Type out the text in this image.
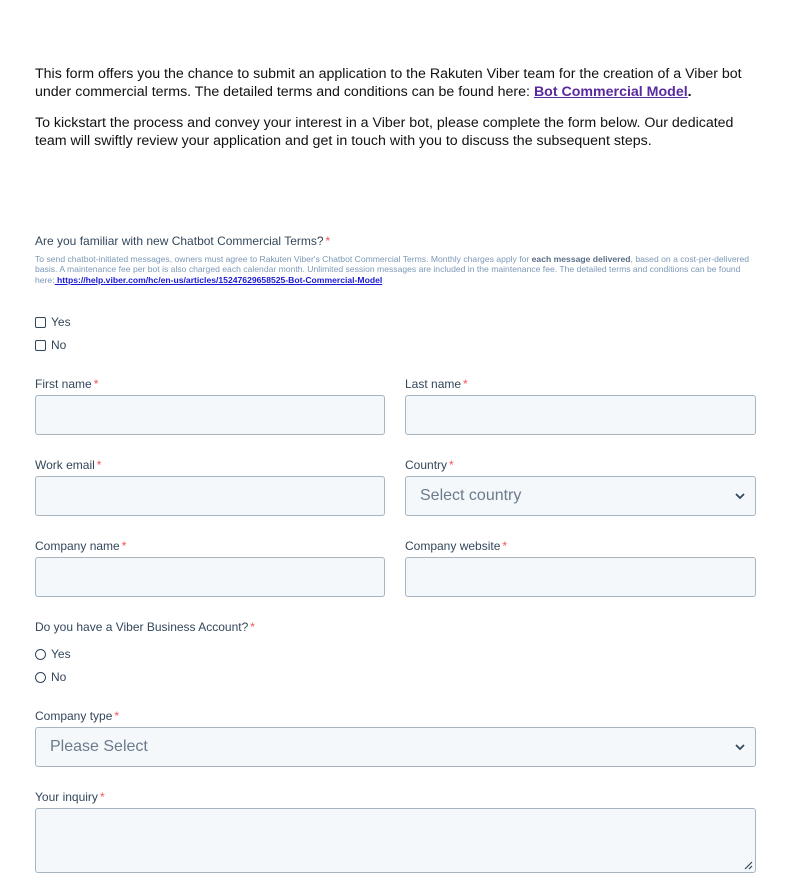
This form offers you the chance to submit an application to the Rakuten Viber team for the creation of a Viber bot under commercial terms. The detailed terms and conditions can be found here: Bot Commercial Model.

To kickstart the process and convey your interest in a Viber bot, please complete the form below. Our dedicated team will swiftly review your application and get in touch with you to discuss the subsequent steps.

Are you familiar with new Chatbot Commercial Terms? *
To send chatbot-initiated messages, owners must agree to Rakuten Viber's Chatbot Commercial Terms. Monthly charges apply for each message delivered, based on a cost-per-delivered basis. A maintenance fee per bot is also charged each calendar month. Unlimited session messages are included in the maintenance fee. The detailed terms and conditions can be found here: https://help.viber.com/hc/en-us/articles/15247629658525-Bot-Commercial-Model
Yes
No
First name *	Last name *
Work email *	Country *
Select country
Company name *	Company website *
Do you have a Viber Business Account? *
Yes
No
Company type *
Please Select
Your inquiry *
